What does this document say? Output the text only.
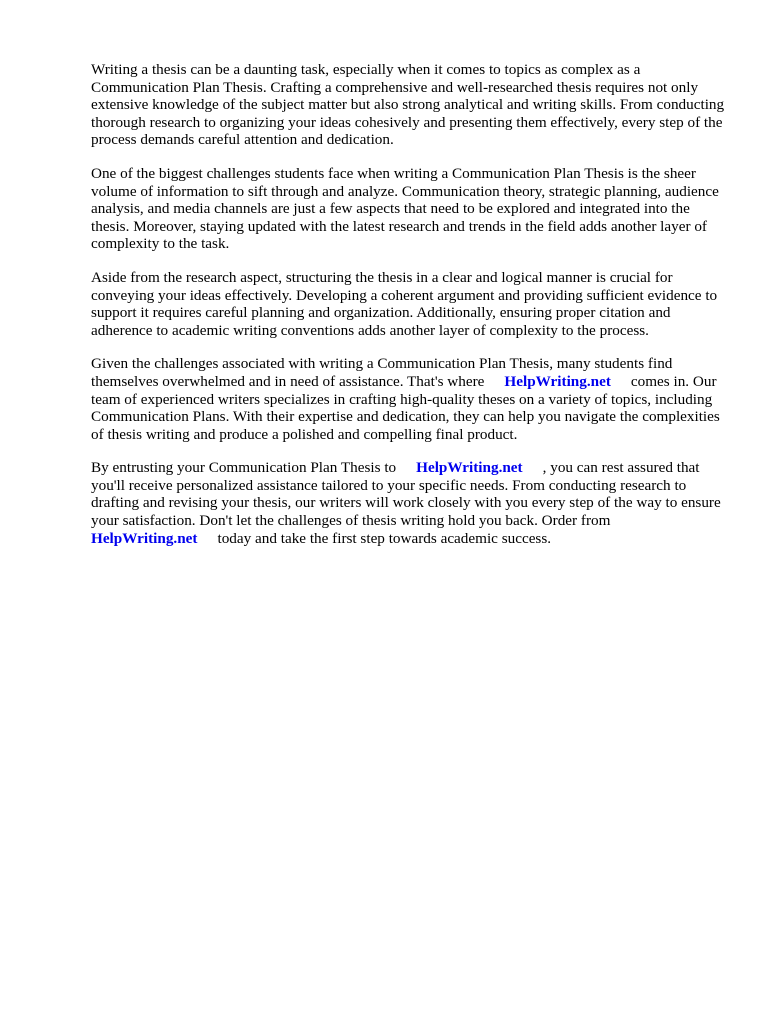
Writing a thesis can be a daunting task, especially when it comes to topics as complex as a Communication Plan Thesis. Crafting a comprehensive and well-researched thesis requires not only extensive knowledge of the subject matter but also strong analytical and writing skills. From conducting thorough research to organizing your ideas cohesively and presenting them effectively, every step of the process demands careful attention and dedication.

One of the biggest challenges students face when writing a Communication Plan Thesis is the sheer volume of information to sift through and analyze. Communication theory, strategic planning, audience analysis, and media channels are just a few aspects that need to be explored and integrated into the thesis. Moreover, staying updated with the latest research and trends in the field adds another layer of complexity to the task.

Aside from the research aspect, structuring the thesis in a clear and logical manner is crucial for conveying your ideas effectively. Developing a coherent argument and providing sufficient evidence to support it requires careful planning and organization. Additionally, ensuring proper citation and adherence to academic writing conventions adds another layer of complexity to the process.

Given the challenges associated with writing a Communication Plan Thesis, many students find themselves overwhelmed and in need of assistance. That's where HelpWriting.net comes in. Our team of experienced writers specializes in crafting high-quality theses on a variety of topics, including Communication Plans. With their expertise and dedication, they can help you navigate the complexities of thesis writing and produce a polished and compelling final product.

By entrusting your Communication Plan Thesis to HelpWriting.net , you can rest assured that you'll receive personalized assistance tailored to your specific needs. From conducting research to drafting and revising your thesis, our writers will work closely with you every step of the way to ensure your satisfaction. Don't let the challenges of thesis writing hold you back. Order from HelpWriting.net today and take the first step towards academic success.
